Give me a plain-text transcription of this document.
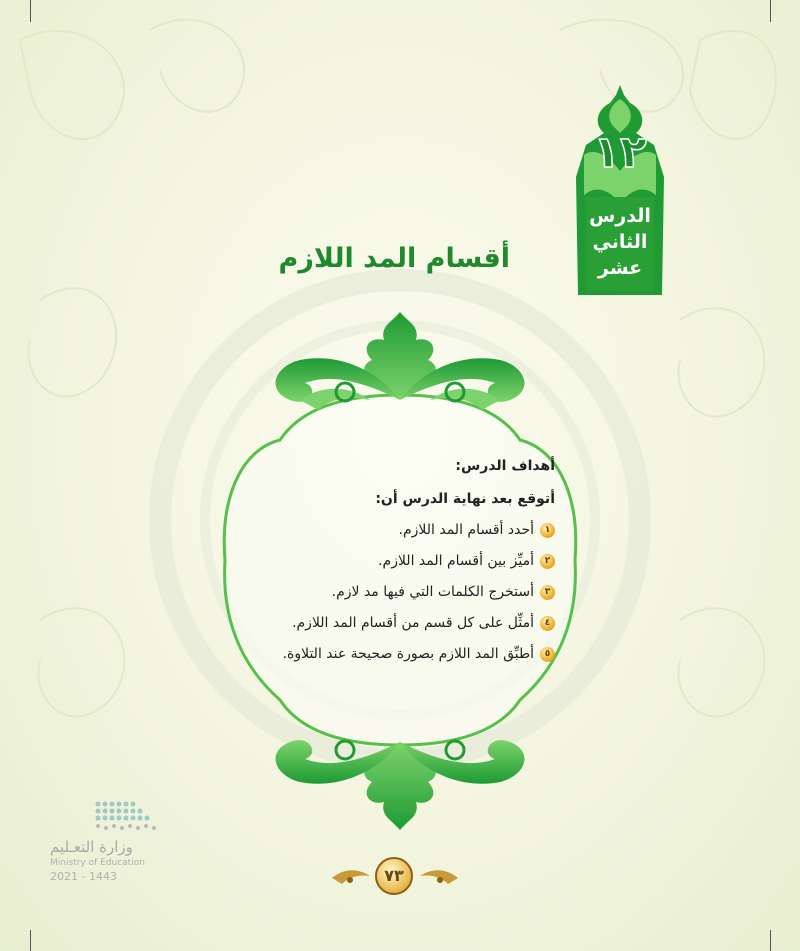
١٢
الدرس
الثاني
عشر
أقسام المد اللازم
أهداف الدرس:
أتوقع بعد نهاية الدرس أن:
١
أحدد أقسام المد اللازم.
٢
أميِّز بين أقسام المد اللازم.
٣
أستخرج الكلمات التي فيها مد لازم.
٤
أمثِّل على كل قسم من أقسام المد اللازم.
٥
أطبِّق المد اللازم بصورة صحيحة عند التلاوة.
وزارة التعـليم
Ministry of Education
2021 - 1443	٧٣
